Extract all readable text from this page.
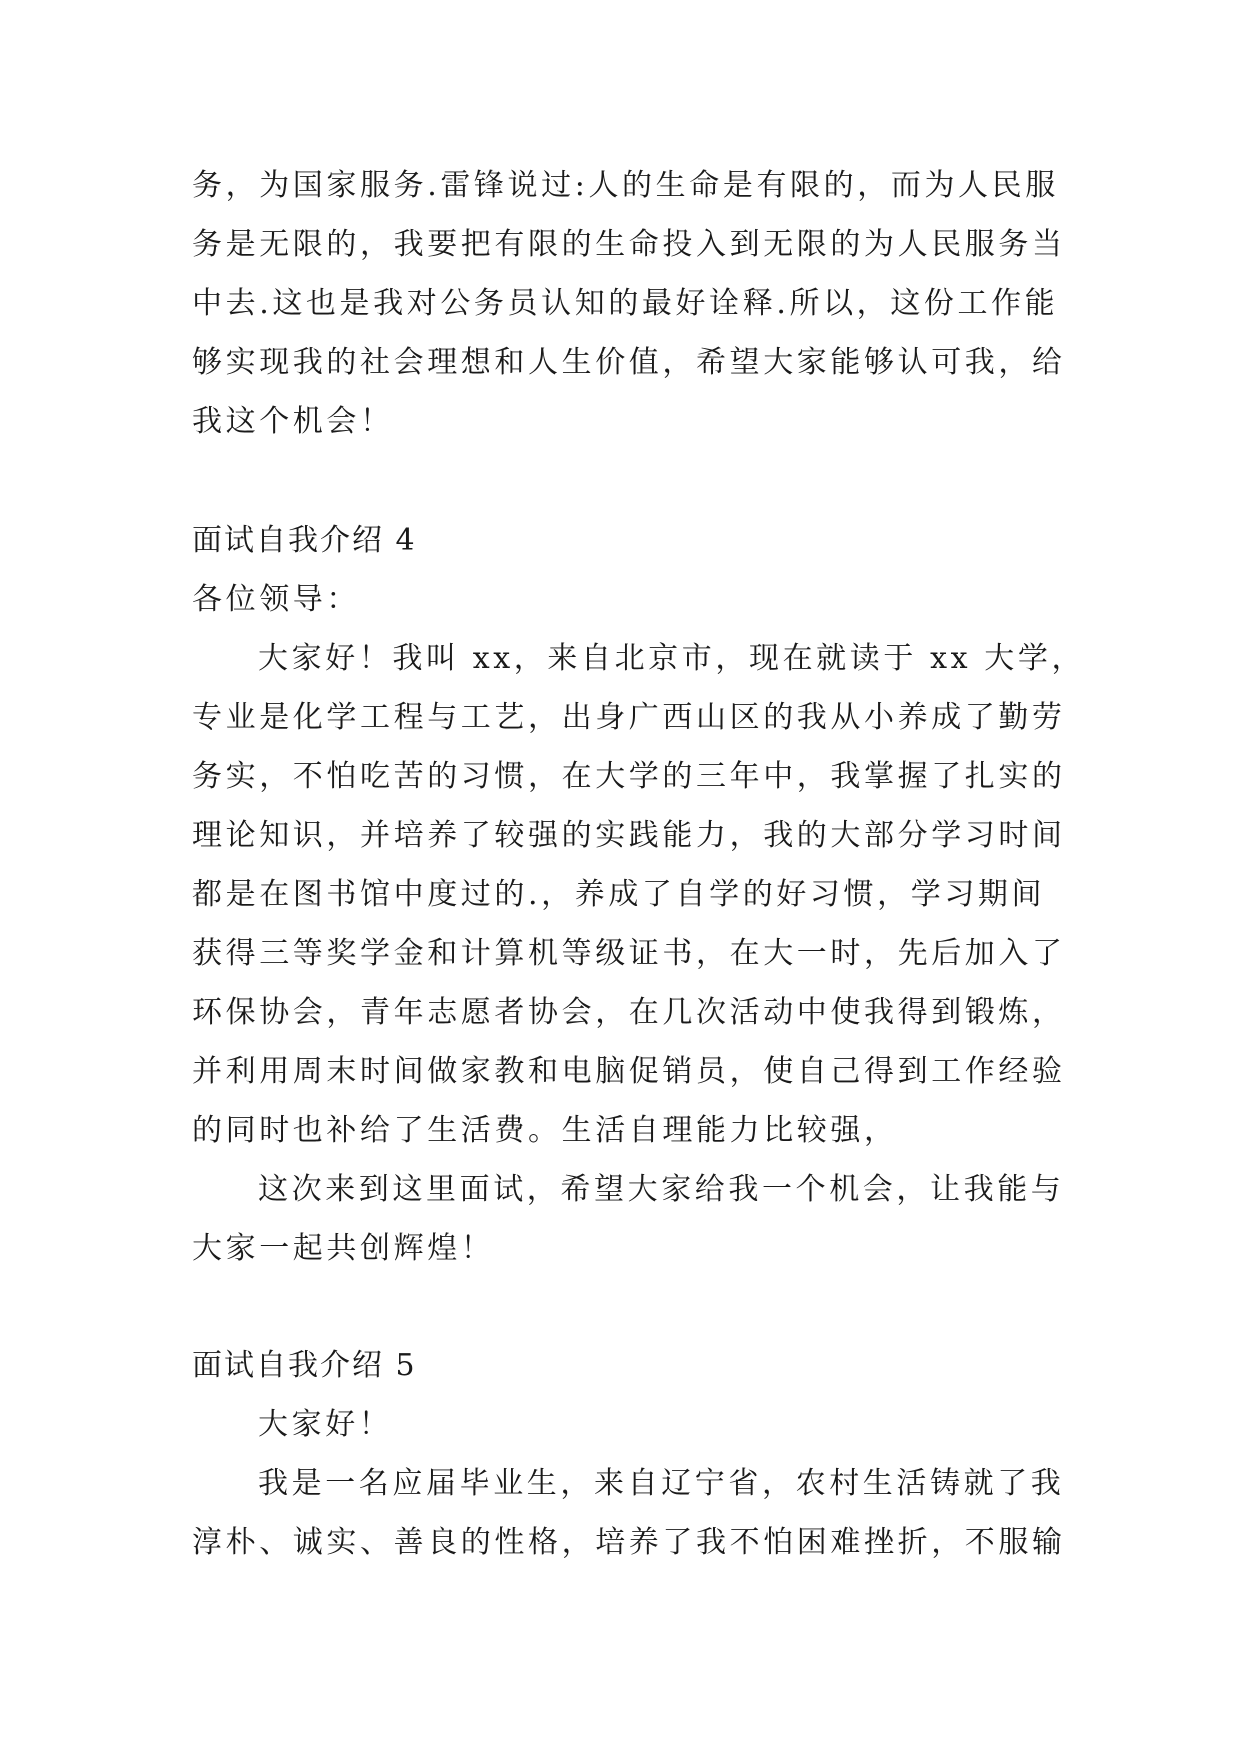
务，为国家服务.雷锋说过:人的生命是有限的，而为人民服

务是无限的，我要把有限的生命投入到无限的为人民服务当

中去.这也是我对公务员认知的最好诠释.所以，这份工作能

够实现我的社会理想和人生价值，希望大家能够认可我，给

我这个机会！

面试自我介绍 4

各位领导：

大家好！我叫 xx，来自北京市，现在就读于 xx 大学，

专业是化学工程与工艺，出身广西山区的我从小养成了勤劳

务实，不怕吃苦的习惯，在大学的三年中，我掌握了扎实的

理论知识，并培养了较强的实践能力，我的大部分学习时间

都是在图书馆中度过的.，养成了自学的好习惯，学习期间

获得三等奖学金和计算机等级证书，在大一时，先后加入了

环保协会，青年志愿者协会，在几次活动中使我得到锻炼，

并利用周末时间做家教和电脑促销员，使自己得到工作经验

的同时也补给了生活费。生活自理能力比较强，

这次来到这里面试，希望大家给我一个机会，让我能与

大家一起共创辉煌！

面试自我介绍 5

大家好！

我是一名应届毕业生，来自辽宁省，农村生活铸就了我

淳朴、诚实、善良的性格，培养了我不怕困难挫折，不服输
